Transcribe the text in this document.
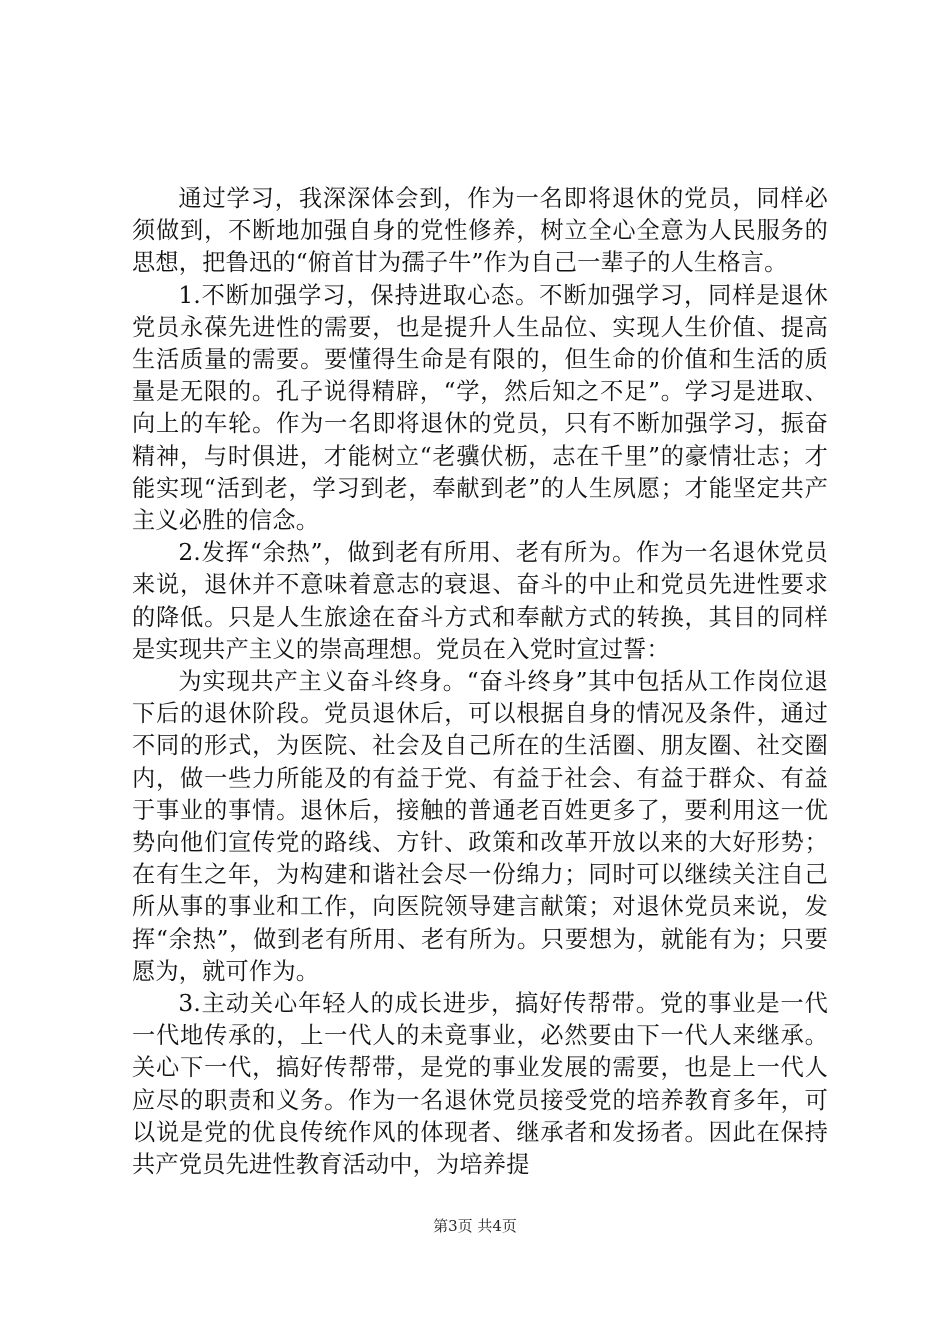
通过学习，我深深体会到，作为一名即将退休的党员，同样必须做到，不断地加强自身的党性修养，树立全心全意为人民服务的思想，把鲁迅的“俯首甘为孺子牛”作为自己一辈子的人生格言。

1.不断加强学习，保持进取心态。不断加强学习，同样是退休党员永葆先进性的需要，也是提升人生品位、实现人生价值、提高生活质量的需要。要懂得生命是有限的，但生命的价值和生活的质量是无限的。孔子说得精辟，“学，然后知之不足”。学习是进取、向上的车轮。作为一名即将退休的党员，只有不断加强学习，振奋精神，与时俱进，才能树立“老骥伏枥，志在千里”的豪情壮志；才能实现“活到老，学习到老，奉献到老”的人生夙愿；才能坚定共产主义必胜的信念。

2.发挥“余热”，做到老有所用、老有所为。作为一名退休党员来说，退休并不意味着意志的衰退、奋斗的中止和党员先进性要求的降低。只是人生旅途在奋斗方式和奉献方式的转换，其目的同样是实现共产主义的崇高理想。党员在入党时宣过誓：

为实现共产主义奋斗终身。“奋斗终身”其中包括从工作岗位退下后的退休阶段。党员退休后，可以根据自身的情况及条件，通过不同的形式，为医院、社会及自己所在的生活圈、朋友圈、社交圈内，做一些力所能及的有益于党、有益于社会、有益于群众、有益于事业的事情。退休后，接触的普通老百姓更多了，要利用这一优势向他们宣传党的路线、方针、政策和改革开放以来的大好形势；在有生之年，为构建和谐社会尽一份绵力；同时可以继续关注自己所从事的事业和工作，向医院领导建言献策；对退休党员来说，发挥“余热”，做到老有所用、老有所为。只要想为，就能有为；只要愿为，就可作为。

3.主动关心年轻人的成长进步，搞好传帮带。党的事业是一代一代地传承的，上一代人的未竟事业，必然要由下一代人来继承。关心下一代，搞好传帮带，是党的事业发展的需要，也是上一代人应尽的职责和义务。作为一名退休党员接受党的培养教育多年，可以说是党的优良传统作风的体现者、继承者和发扬者。因此在保持共产党员先进性教育活动中，为培养提

第3页 共4页
